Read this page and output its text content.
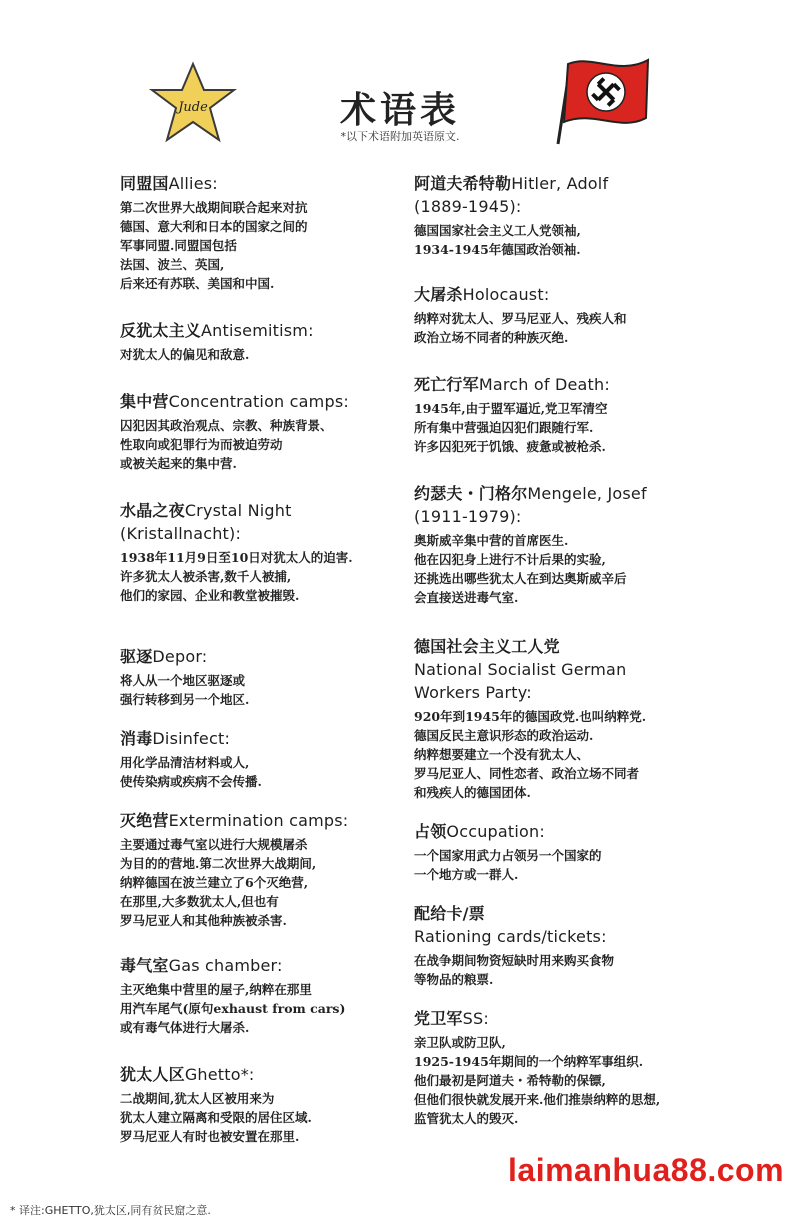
Jude	术语表
*以下术语附加英语原文.
同盟国Allies:
第二次世界大战期间联合起来对抗
德国、意大利和日本的国家之间的
军事同盟.同盟国包括
法国、波兰、英国,
后来还有苏联、美国和中国.
反犹太主义Antisemitism:
对犹太人的偏见和敌意.
集中营Concentration camps:
囚犯因其政治观点、宗教、种族背景、
性取向或犯罪行为而被迫劳动
或被关起来的集中营.
水晶之夜Crystal Night
(Kristallnacht):
1938年11月9日至10日对犹太人的迫害.
许多犹太人被杀害,数千人被捕,
他们的家园、企业和教堂被摧毁.
驱逐Depor:
将人从一个地区驱逐或
强行转移到另一个地区.
消毒Disinfect:
用化学品清洁材料或人,
使传染病或疾病不会传播.
灭绝营Extermination camps:
主要通过毒气室以进行大规模屠杀
为目的的营地.第二次世界大战期间,
纳粹德国在波兰建立了6个灭绝营,
在那里,大多数犹太人,但也有
罗马尼亚人和其他种族被杀害.
毒气室Gas chamber:
主灭绝集中营里的屋子,纳粹在那里
用汽车尾气(原句exhaust from cars)
或有毒气体进行大屠杀.
犹太人区Ghetto*:
二战期间,犹太人区被用来为
犹太人建立隔离和受限的居住区域.
罗马尼亚人有时也被安置在那里.
阿道夫希特勒Hitler, Adolf
(1889-1945):
德国国家社会主义工人党领袖,
1934-1945年德国政治领袖.
大屠杀Holocaust:
纳粹对犹太人、罗马尼亚人、残疾人和
政治立场不同者的种族灭绝.
死亡行军March of Death:
1945年,由于盟军逼近,党卫军清空
所有集中营强迫囚犯们跟随行军.
许多囚犯死于饥饿、疲惫或被枪杀.
约瑟夫・门格尔Mengele, Josef
(1911-1979):
奥斯威辛集中营的首席医生.
他在囚犯身上进行不计后果的实验,
还挑选出哪些犹太人在到达奥斯威辛后
会直接送进毒气室.
德国社会主义工人党
National Socialist German
Workers Party:
920年到1945年的德国政党.也叫纳粹党.
德国反民主意识形态的政治运动.
纳粹想要建立一个没有犹太人、
罗马尼亚人、同性恋者、政治立场不同者
和残疾人的德国团体.
占领Occupation:
一个国家用武力占领另一个国家的
一个地方或一群人.
配给卡/票
Rationing cards/tickets:
在战争期间物资短缺时用来购买食物
等物品的粮票.
党卫军SS:
亲卫队或防卫队,
1925-1945年期间的一个纳粹军事组织.
他们最初是阿道夫・希特勒的保镖,
但他们很快就发展开来.他们推崇纳粹的思想,
监管犹太人的毁灭.
laimanhua88.com
* 译注:GHETTO,犹太区,同有贫民窟之意.
